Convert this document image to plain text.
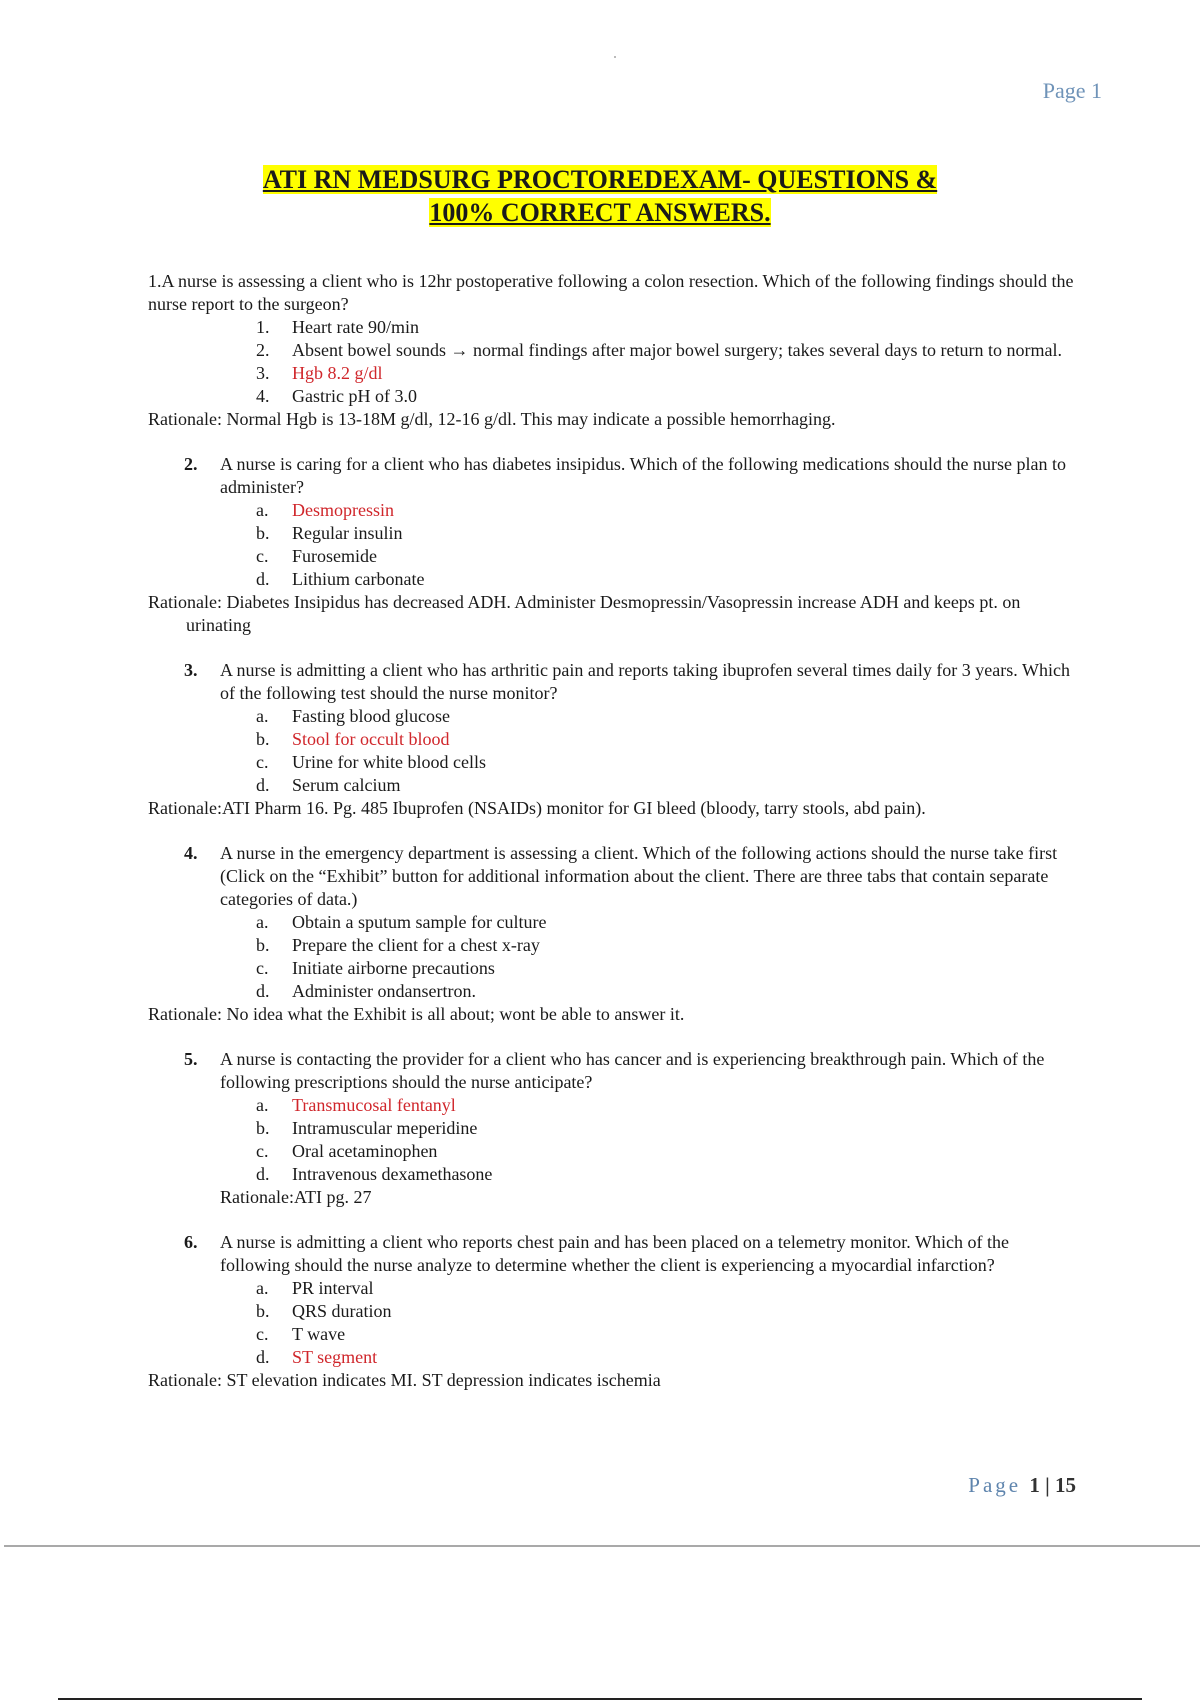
Page 1
ATI RN MEDSURG PROCTOREDEXAM- QUESTIONS &
100% CORRECT ANSWERS.
1.A nurse is assessing a client who is 12hr postoperative following a colon resection. Which of the following findings should the nurse report to the surgeon?
1.	Heart rate 90/min
2.	Absent bowel sounds → normal findings after major bowel surgery; takes several days to return to normal.
3.	Hgb 8.2 g/dl
4.	Gastric pH of 3.0
Rationale: Normal Hgb is 13-18M g/dl, 12-16 g/dl. This may indicate a possible hemorrhaging.
2.	A nurse is caring for a client who has diabetes insipidus. Which of the following medications should the nurse plan to administer?
a.	Desmopressin
b.	Regular insulin
c.	Furosemide
d.	Lithium carbonate
Rationale: Diabetes Insipidus has decreased ADH. Administer Desmopressin/Vasopressin increase ADH and keeps pt. on urinating
3.	A nurse is admitting a client who has arthritic pain and reports taking ibuprofen several times daily for 3 years. Which of the following test should the nurse monitor?
a.	Fasting blood glucose
b.	Stool for occult blood
c.	Urine for white blood cells
d.	Serum calcium
Rationale:ATI Pharm 16. Pg. 485 Ibuprofen (NSAIDs) monitor for GI bleed (bloody, tarry stools, abd pain).
4.	A nurse in the emergency department is assessing a client. Which of the following actions should the nurse take first (Click on the “Exhibit” button for additional information about the client. There are three tabs that contain separate categories of data.)
a.	Obtain a sputum sample for culture
b.	Prepare the client for a chest x-ray
c.	Initiate airborne precautions
d.	Administer ondansertron.
Rationale: No idea what the Exhibit is all about; wont be able to answer it.
5.	A nurse is contacting the provider for a client who has cancer and is experiencing breakthrough pain. Which of the following prescriptions should the nurse anticipate?
a.	Transmucosal fentanyl
b.	Intramuscular meperidine
c.	Oral acetaminophen
d.	Intravenous dexamethasone
Rationale:ATI pg. 27
6.	A nurse is admitting a client who reports chest pain and has been placed on a telemetry monitor. Which of the following should the nurse analyze to determine whether the client is experiencing a myocardial infarction?
a.	PR interval
b.	QRS duration
c.	T wave
d.	ST segment
Rationale: ST elevation indicates MI. ST depression indicates ischemia
Page 1 | 15
